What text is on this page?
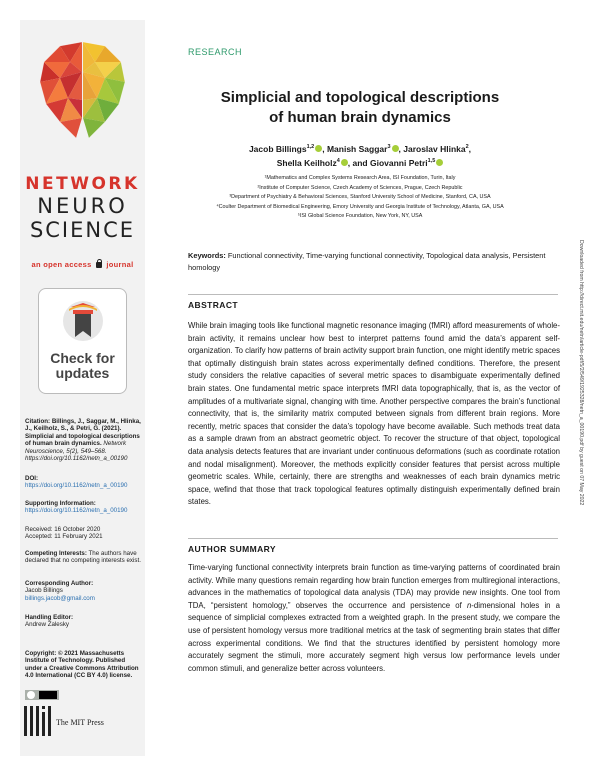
NETWORK
NEURO
SCIENCE
an open access journal
Check for
updates
Citation: Billings, J., Saggar, M., Hlinka, J., Keilholz, S., & Petri, G. (2021). Simplicial and topological descriptions of human brain dynamics. Network Neuroscience, 5(2), 549–568. https://doi.org/10.1162/netn_a_00190
DOI:
https://doi.org/10.1162/netn_a_00190
Supporting Information:
https://doi.org/10.1162/netn_a_00190
Received: 16 October 2020
Accepted: 11 February 2021
Competing Interests: The authors have declared that no competing interests exist.
Corresponding Author:
Jacob Billings
billings.jacob@gmail.com
Handling Editor:
Andrew Zalesky
Copyright: © 2021 Massachusetts Institute of Technology. Published under a Creative Commons Attribution 4.0 International (CC BY 4.0) license.
The MIT Press
RESEARCH
Simplicial and topological descriptions
of human brain dynamics
Jacob Billings$^{1,2}$ , Manish Saggar$^3$ , Jaroslav Hlinka$^2$,
Shella Keilholz$^4$ , and Giovanni Petri$^{1,5}$
¹Mathematics and Complex Systems Research Area, ISI Foundation, Turin, Italy
²Institute of Computer Science, Czech Academy of Sciences, Prague, Czech Republic
³Department of Psychiatry & Behavioral Sciences, Stanford University School of Medicine, Stanford, CA, USA
⁴Coulter Department of Biomedical Engineering, Emory University and Georgia Institute of Technology, Atlanta, GA, USA
⁵ISI Global Science Foundation, New York, NY, USA
Keywords: Functional connectivity, Time-varying functional connectivity, Topological data analysis, Persistent homology
ABSTRACT
While brain imaging tools like functional magnetic resonance imaging (fMRI) afford measurements of whole-brain activity, it remains unclear how best to interpret patterns found amid the data’s apparent self-organization. To clarify how patterns of brain activity support brain function, one might identify metric spaces that optimally distinguish brain states across experimentally defined conditions. Therefore, the present study considers the relative capacities of several metric spaces to disambiguate experimentally defined brain states. One fundamental metric space interprets fMRI data topographically, that is, as the vector of amplitudes of a multivariate signal, changing with time. Another perspective compares the brain’s functional connectivity, that is, the similarity matrix computed between signals from different brain regions. More recently, metric spaces that consider the data’s topology have become available. Such methods treat data as a sample drawn from an abstract geometric object. To recover the structure of that object, topological data analysis detects features that are invariant under continuous deformations (such as coordinate rotation and nodal misalignment). Moreover, the methods explicitly consider features that persist across multiple geometric scales. While, certainly, there are strengths and weaknesses of each brain dynamics metric space, wefind that those that track topological features optimally distinguish experimentally defined brain states.
AUTHOR SUMMARY
Time-varying functional connectivity interprets brain function as time-varying patterns of coordinated brain activity. While many questions remain regarding how brain function emerges from multiregional interactions, advances in the mathematics of topological data analysis (TDA) may provide new insights. One tool from TDA, “persistent homology,” observes the occurrence and persistence of n-dimensional holes in a sequence of simplicial complexes extracted from a weighted graph. In the present study, we compare the use of persistent homology versus more traditional metrics at the task of segmenting brain states that differ across experimental conditions. We find that the structures identified by persistent homology more accurately segment the stimuli, more accurately segment high versus low performance levels under common stimuli, and generalize better across volunteers.
Downloaded from http://direct.mit.edu/netn/article-pdf/5/2/549/1925328/netn_a_00190.pdf by guest on 07 May 2022
